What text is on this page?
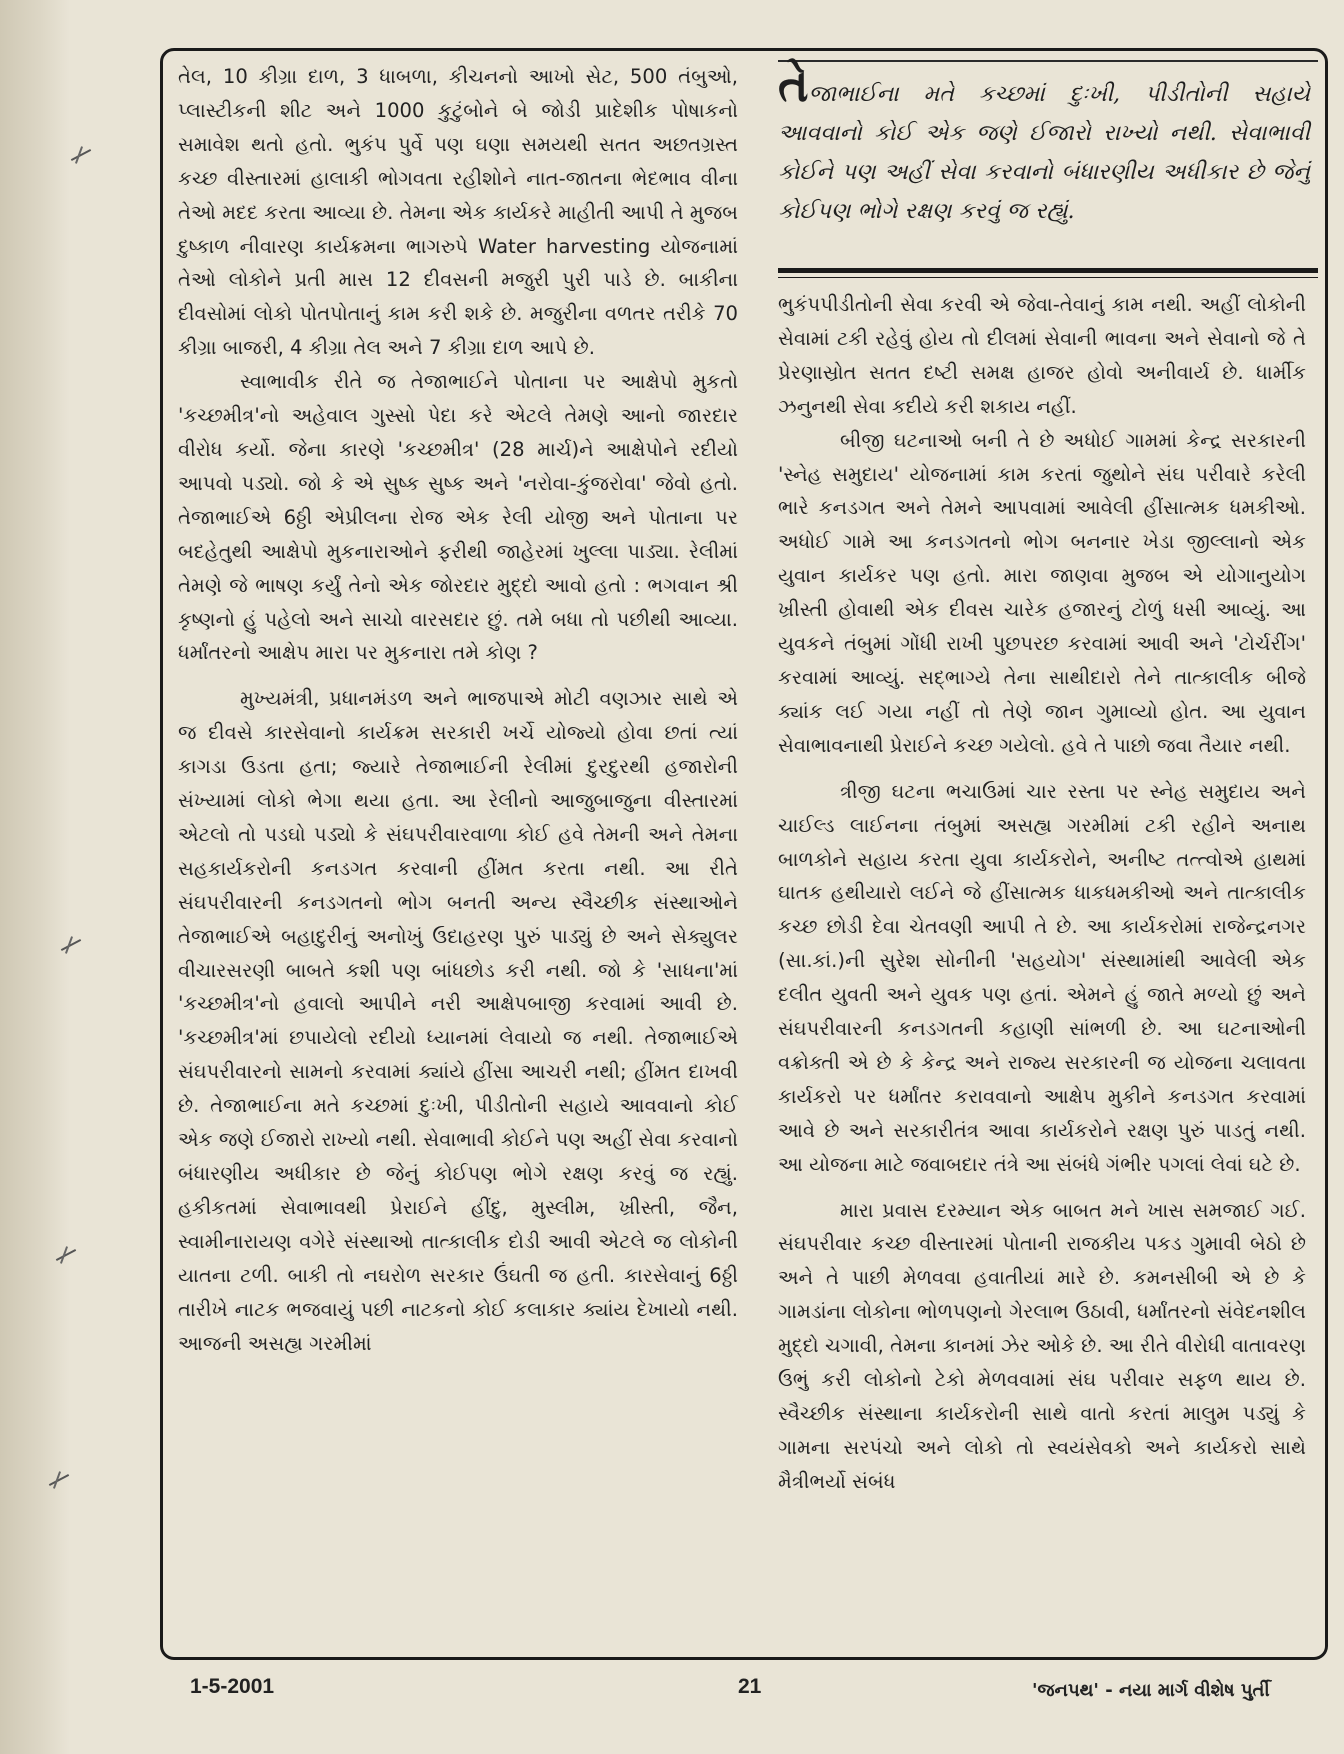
તેજાભાઈના મતે કચ્છમાં દુઃખી, પીડીતોની સહાયે આવવાનો કોઈ એક જણે ઈજારો રાખ્યો નથી. સેવાભાવી કોઈને પણ અહીં સેવા કરવાનો બંધારણીય અધીકાર છે જેનું કોઈપણ ભોગે રક્ષણ કરવું જ રહ્યું.

તેલ, 10 કીગ્રા દાળ, 3 ધાબળા, કીચનનો આખો સેટ, 500 તંબુઓ, પ્લાસ્ટીકની શીટ અને 1000 કુટુંબોને બે જોડી પ્રાદેશીક પોષાકનો સમાવેશ થતો હતો. ભુકંપ પુર્વે પણ ઘણા સમયથી સતત અછતગ્રસ્ત કચ્છ વીસ્તારમાં હાલાકી ભોગવતા રહીશોને નાત-જાતના ભેદભાવ વીના તેઓ મદદ કરતા આવ્યા છે. તેમના એક કાર્યકરે માહીતી આપી તે મુજબ દુષ્કાળ નીવારણ કાર્યક્રમના ભાગરુપે Water harvesting યોજનામાં તેઓ લોકોને પ્રતી માસ 12 દીવસની મજુરી પુરી પાડે છે. બાકીના દીવસોમાં લોકો પોતપોતાનું કામ કરી શકે છે. મજુરીના વળતર તરીકે 70 કીગ્રા બાજરી, 4 કીગ્રા તેલ અને 7 કીગ્રા દાળ આપે છે.

સ્વાભાવીક રીતે જ તેજાભાઈને પોતાના પર આક્ષેપો મુકતો 'કચ્છમીત્ર'નો અહેવાલ ગુસ્સો પેદા કરે એટલે તેમણે આનો જારદાર વીરોધ કર્યો. જેના કારણે 'કચ્છમીત્ર' (28 માર્ચ)ને આક્ષેપોને રદીયો આપવો પડ્યો. જો કે એ સુષ્ક સુષ્ક અને 'નરોવા-કુંજરોવા' જેવો હતો. તેજાભાઈએ 6ઠ્ઠી એપ્રીલના રોજ એક રેલી યોજી અને પોતાના પર બદહેતુથી આક્ષેપો મુકનારાઓને ફરીથી જાહેરમાં ખુલ્લા પાડ્યા. રેલીમાં તેમણે જે ભાષણ કર્યું તેનો એક જોરદાર મુદ્દો આવો હતો : ભગવાન શ્રી કૃષ્ણનો હું પહેલો અને સાચો વારસદાર છું. તમે બધા તો પછીથી આવ્યા. ધર્માંતરનો આક્ષેપ મારા પર મુકનારા તમે કોણ ?

મુખ્યમંત્રી, પ્રધાનમંડળ અને ભાજપાએ મોટી વણઝાર સાથે એ જ દીવસે કારસેવાનો કાર્યક્રમ સરકારી ખર્ચે યોજ્યો હોવા છતાં ત્યાં કાગડા ઉડતા હતા; જ્યારે તેજાભાઈની રેલીમાં દુરદુરથી હજારોની સંખ્યામાં લોકો ભેગા થયા હતા. આ રેલીનો આજુબાજુના વીસ્તારમાં એટલો તો પડઘો પડ્યો કે સંઘપરીવારવાળા કોઈ હવે તેમની અને તેમના સહકાર્યકરોની કનડગત કરવાની હીંમત કરતા નથી. આ રીતે સંઘપરીવારની કનડગતનો ભોગ બનતી અન્ય સ્વૈચ્છીક સંસ્થાઓને તેજાભાઈએ બહાદુરીનું અનોખું ઉદાહરણ પુરું પાડ્યું છે અને સેક્યુલર વીચારસરણી બાબતે કશી પણ બાંધછોડ કરી નથી. જો કે 'સાધના'માં 'કચ્છમીત્ર'નો હવાલો આપીને નરી આક્ષેપબાજી કરવામાં આવી છે. 'કચ્છમીત્ર'માં છપાયેલો રદીયો ધ્યાનમાં લેવાયો જ નથી. તેજાભાઈએ સંઘપરીવારનો સામનો કરવામાં ક્યાંયે હીંસા આચરી નથી; હીંમત દાખવી છે. તેજાભાઈના મતે કચ્છમાં દુઃખી, પીડીતોની સહાયે આવવાનો કોઈ એક જણે ઈજારો રાખ્યો નથી. સેવાભાવી કોઈને પણ અહીં સેવા કરવાનો બંધારણીય અધીકાર છે જેનું કોઈપણ ભોગે રક્ષણ કરવું જ રહ્યું. હકીકતમાં સેવાભાવથી પ્રેરાઈને હીંદુ, મુસ્લીમ, ખ્રીસ્તી, જૈન, સ્વામીનારાયણ વગેરે સંસ્થાઓ તાત્કાલીક દોડી આવી એટલે જ લોકોની યાતના ટળી. બાકી તો નઘરોળ સરકાર ઉંઘતી જ હતી. કારસેવાનું 6ઠ્ઠી તારીખે નાટક ભજવાયું પછી નાટકનો કોઈ કલાકાર ક્યાંય દેખાયો નથી. આજની અસહ્ય ગરમીમાં

ભુકંપપીડીતોની સેવા કરવી એ જેવા-તેવાનું કામ નથી. અહીં લોકોની સેવામાં ટકી રહેવું હોય તો દીલમાં સેવાની ભાવના અને સેવાનો જે તે પ્રેરણાસ્રોત સતત દષ્ટી સમક્ષ હાજર હોવો અનીવાર્ય છે. ધાર્મીક ઝનુનથી સેવા કદીયે કરી શકાય નહીં.

બીજી ઘટનાઓ બની તે છે અધોઈ ગામમાં કેન્દ્ર સરકારની 'સ્નેહ સમુદાય' યોજનામાં કામ કરતાં જુથોને સંઘ પરીવારે કરેલી ભારે કનડગત અને તેમને આપવામાં આવેલી હીંસાત્મક ધમકીઓ. અધોઈ ગામે આ કનડગતનો ભોગ બનનાર ખેડા જીલ્લાનો એક યુવાન કાર્યકર પણ હતો. મારા જાણવા મુજબ એ યોગાનુયોગ ખ્રીસ્તી હોવાથી એક દીવસ ચારેક હજારનું ટોળું ધસી આવ્યું. આ યુવકને તંબુમાં ગોંધી રાખી પુછપરછ કરવામાં આવી અને 'ટોર્ચરીંગ' કરવામાં આવ્યું. સદ્ભાગ્યે તેના સાથીદારો તેને તાત્કાલીક બીજે ક્યાંક લઈ ગયા નહીં તો તેણે જાન ગુમાવ્યો હોત. આ યુવાન સેવાભાવનાથી પ્રેરાઈને કચ્છ ગયેલો. હવે તે પાછો જવા તૈયાર નથી.

ત્રીજી ઘટના ભચાઉમાં ચાર રસ્તા પર સ્નેહ સમુદાય અને ચાઈલ્ડ લાઈનના તંબુમાં અસહ્ય ગરમીમાં ટકી રહીને અનાથ બાળકોને સહાય કરતા યુવા કાર્યકરોને, અનીષ્ટ તત્ત્વોએ હાથમાં ઘાતક હથીયારો લઈને જે હીંસાત્મક ધાકધમકીઓ અને તાત્કાલીક કચ્છ છોડી દેવા ચેતવણી આપી તે છે. આ કાર્યકરોમાં રાજેન્દ્રનગર (સા.કાં.)ની સુરેશ સોનીની 'સહયોગ' સંસ્થામાંથી આવેલી એક દલીત યુવતી અને યુવક પણ હતાં. એમને હું જાતે મળ્યો છું અને સંઘપરીવારની કનડગતની કહાણી સાંભળી છે. આ ઘટનાઓની વક્રોક્તી એ છે કે કેન્દ્ર અને રાજ્ય સરકારની જ યોજના ચલાવતા કાર્યકરો પર ધર્માંતર કરાવવાનો આક્ષેપ મુકીને કનડગત કરવામાં આવે છે અને સરકારીતંત્ર આવા કાર્યકરોને રક્ષણ પુરું પાડતું નથી. આ યોજના માટે જવાબદાર તંત્રે આ સંબંધે ગંભીર પગલાં લેવાં ઘટે છે.

મારા પ્રવાસ દરમ્યાન એક બાબત મને ખાસ સમજાઈ ગઈ. સંઘપરીવાર કચ્છ વીસ્તારમાં પોતાની રાજકીય પકડ ગુમાવી બેઠો છે અને તે પાછી મેળવવા હવાતીયાં મારે છે. કમનસીબી એ છે કે ગામડાંના લોકોના ભોળપણનો ગેરલાભ ઉઠાવી, ધર્માંતરનો સંવેદનશીલ મુદ્દો ચગાવી, તેમના કાનમાં ઝેર ઓકે છે. આ રીતે વીરોધી વાતાવરણ ઉભું કરી લોકોનો ટેકો મેળવવામાં સંઘ પરીવાર સફળ થાય છે. સ્વૈચ્છીક સંસ્થાના કાર્યકરોની સાથે વાતો કરતાં માલુમ પડ્યું કે ગામના સરપંચો અને લોકો તો સ્વયંસેવકો અને કાર્યકરો સાથે મૈત્રીભર્યો સંબંધ

1-5-2001	21	'જનપથ' - નયા માર્ગ વીશેષ પુર્તી
